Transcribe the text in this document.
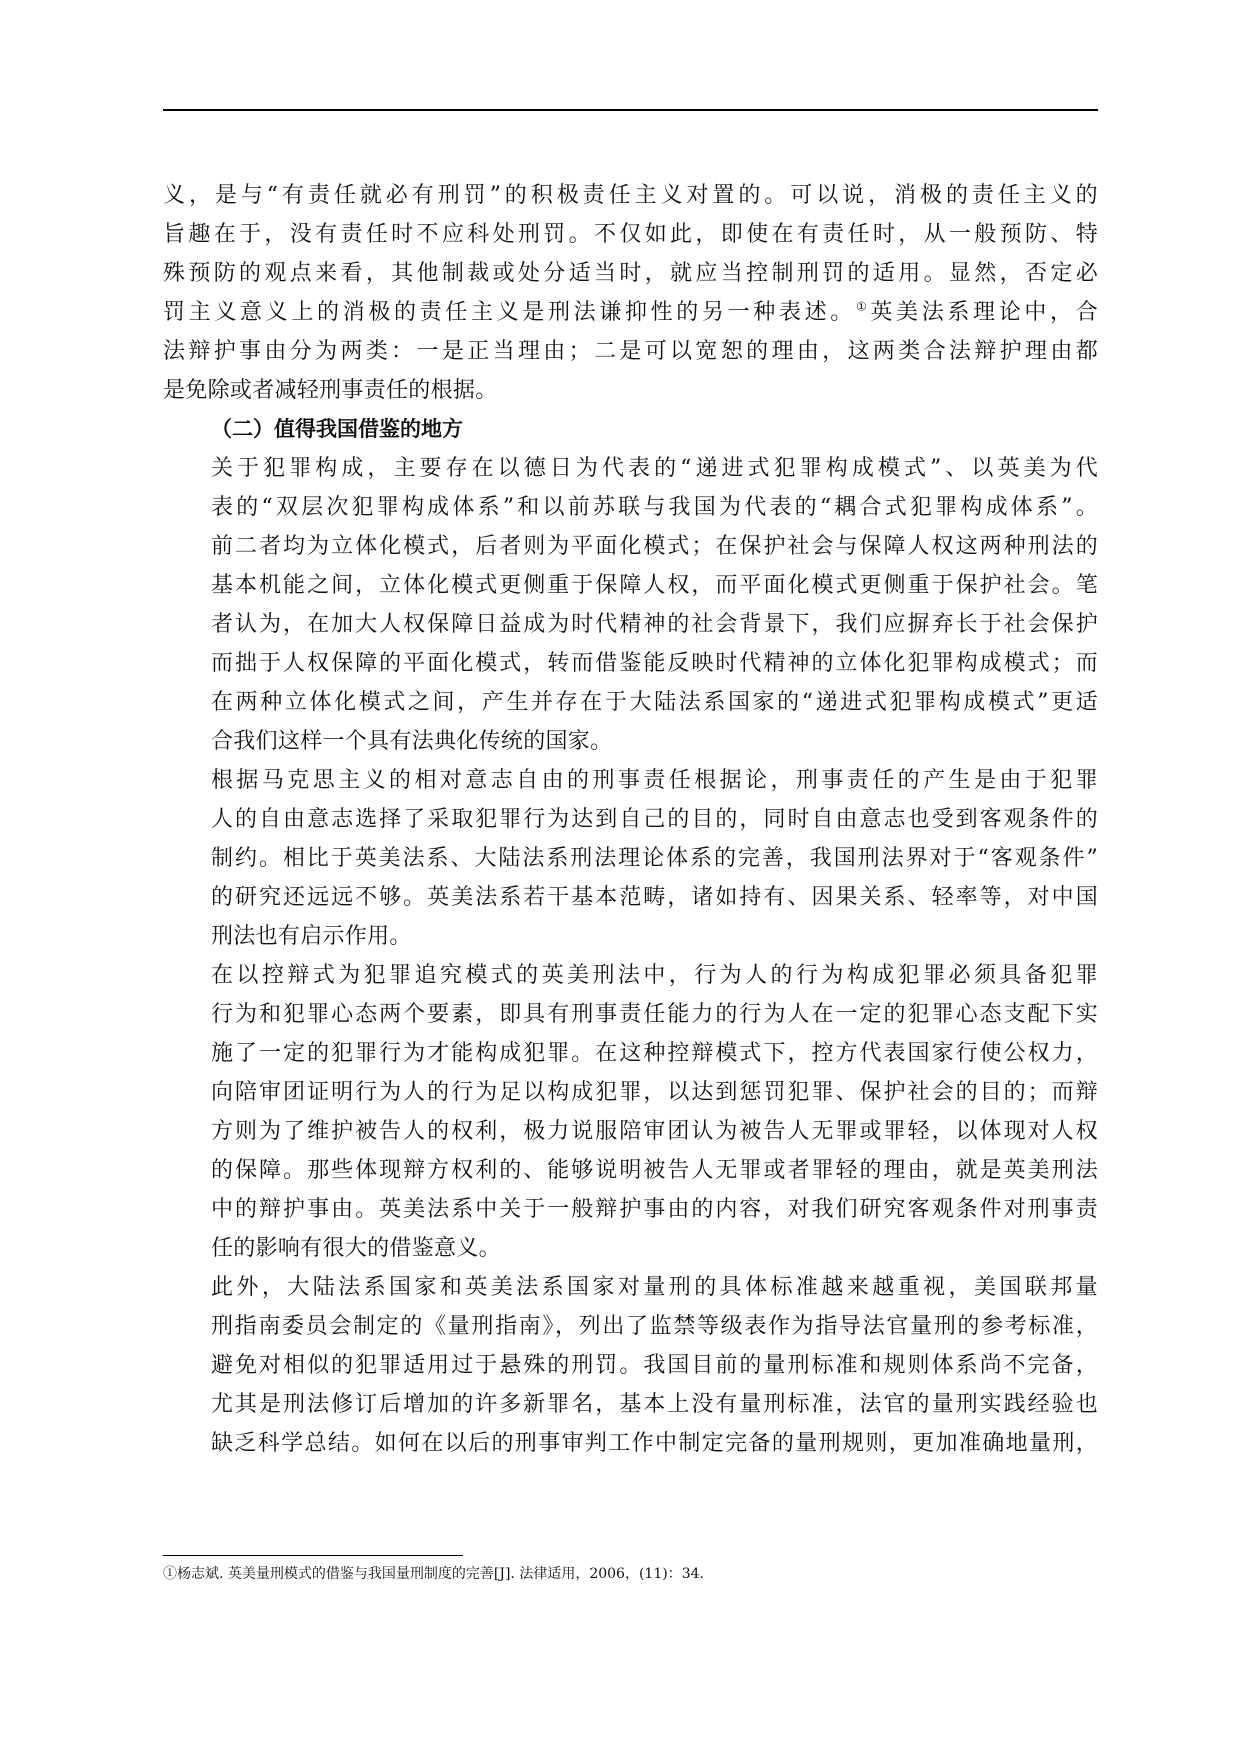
义，是与“有责任就必有刑罚”的积极责任主义对置的。可以说，消极的责任主义的
旨趣在于，没有责任时不应科处刑罚。不仅如此，即使在有责任时，从一般预防、特
殊预防的观点来看，其他制裁或处分适当时，就应当控制刑罚的适用。显然，否定必
罚主义意义上的消极的责任主义是刑法谦抑性的另一种表述。①英美法系理论中，合
法辩护事由分为两类：一是正当理由；二是可以宽恕的理由，这两类合法辩护理由都
是免除或者减轻刑事责任的根据。

（二）值得我国借鉴的地方

关于犯罪构成，主要存在以德日为代表的“递进式犯罪构成模式”、以英美为代
表的“双层次犯罪构成体系”和以前苏联与我国为代表的“耦合式犯罪构成体系”。
前二者均为立体化模式，后者则为平面化模式；在保护社会与保障人权这两种刑法的
基本机能之间，立体化模式更侧重于保障人权，而平面化模式更侧重于保护社会。笔
者认为，在加大人权保障日益成为时代精神的社会背景下，我们应摒弃长于社会保护
而拙于人权保障的平面化模式，转而借鉴能反映时代精神的立体化犯罪构成模式；而
在两种立体化模式之间，产生并存在于大陆法系国家的“递进式犯罪构成模式”更适
合我们这样一个具有法典化传统的国家。

根据马克思主义的相对意志自由的刑事责任根据论，刑事责任的产生是由于犯罪
人的自由意志选择了采取犯罪行为达到自己的目的，同时自由意志也受到客观条件的
制约。相比于英美法系、大陆法系刑法理论体系的完善，我国刑法界对于“客观条件”
的研究还远远不够。英美法系若干基本范畴，诸如持有、因果关系、轻率等，对中国
刑法也有启示作用。

在以控辩式为犯罪追究模式的英美刑法中，行为人的行为构成犯罪必须具备犯罪
行为和犯罪心态两个要素，即具有刑事责任能力的行为人在一定的犯罪心态支配下实
施了一定的犯罪行为才能构成犯罪。在这种控辩模式下，控方代表国家行使公权力，
向陪审团证明行为人的行为足以构成犯罪，以达到惩罚犯罪、保护社会的目的；而辩
方则为了维护被告人的权利，极力说服陪审团认为被告人无罪或罪轻，以体现对人权
的保障。那些体现辩方权利的、能够说明被告人无罪或者罪轻的理由，就是英美刑法
中的辩护事由。英美法系中关于一般辩护事由的内容，对我们研究客观条件对刑事责
任的影响有很大的借鉴意义。

此外，大陆法系国家和英美法系国家对量刑的具体标准越来越重视，美国联邦量
刑指南委员会制定的《量刑指南》，列出了监禁等级表作为指导法官量刑的参考标准，
避免对相似的犯罪适用过于悬殊的刑罚。我国目前的量刑标准和规则体系尚不完备，
尤其是刑法修订后增加的许多新罪名，基本上没有量刑标准，法官的量刑实践经验也
缺乏科学总结。如何在以后的刑事审判工作中制定完备的量刑规则，更加准确地量刑，

①杨志斌. 英美量刑模式的借鉴与我国量刑制度的完善[J]. 法律适用，2006，(11)：34.
